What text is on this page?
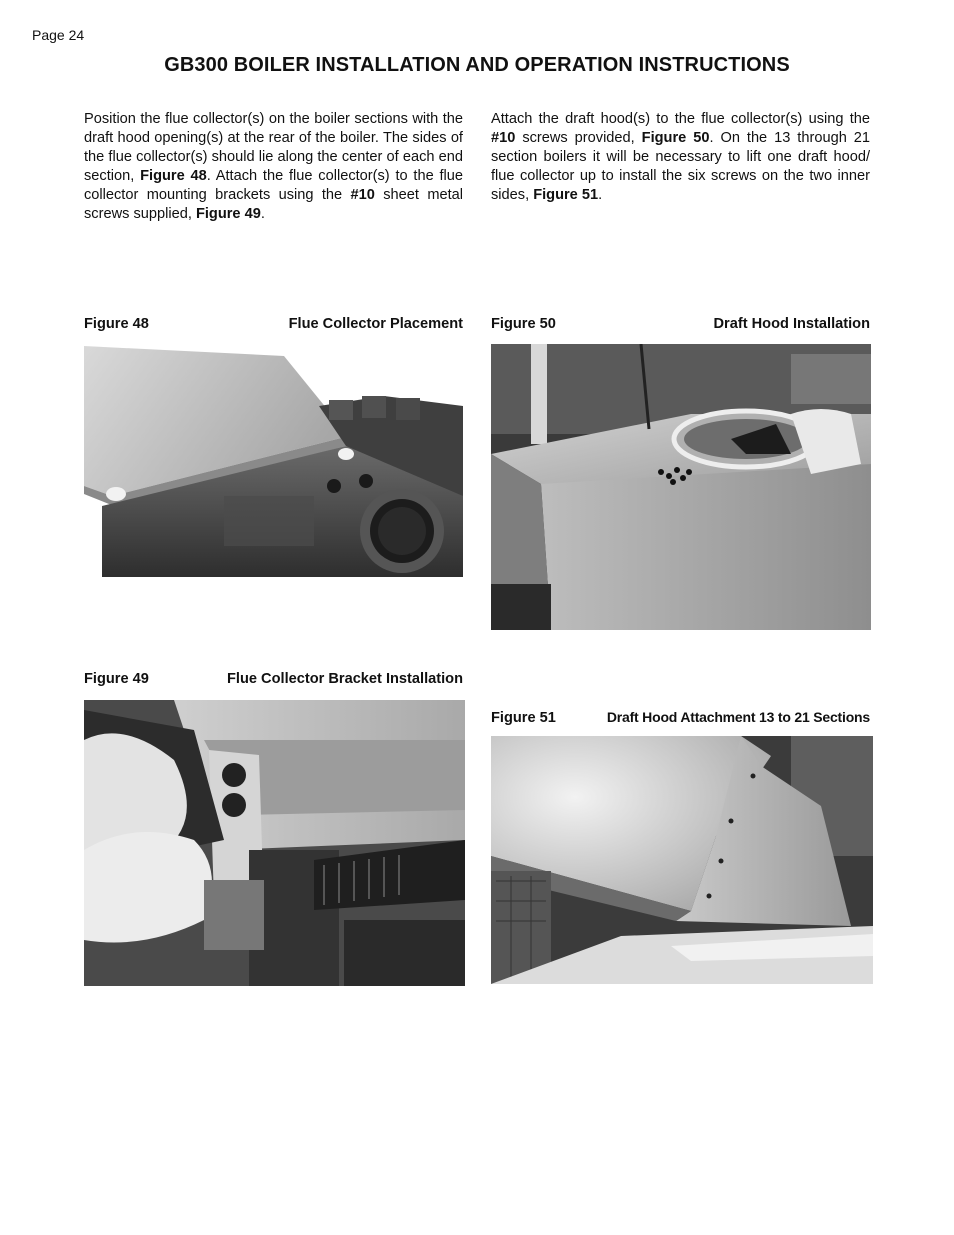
Page 24
GB300 BOILER INSTALLATION AND OPERATION INSTRUCTIONS
Position the flue collector(s) on the boiler sections with the draft hood opening(s) at the rear of the boiler. The sides of the flue collector(s) should lie along the center of each end section, Figure 48. Attach the flue collector(s) to the flue collector mounting brackets using the #10 sheet metal screws supplied, Figure 49.
Attach the draft hood(s) to the flue collector(s) using the #10 screws provided, Figure 50. On the 13 through 21 section boilers it will be necessary to lift one draft hood/ flue collector up to install the six screws on the two inner sides, Figure 51.
Figure 48	Flue Collector Placement Figure 50	Draft Hood Installation
Figure 49	Flue Collector Bracket Installation
Figure 51	Draft Hood Attachment 13 to 21 Sections
